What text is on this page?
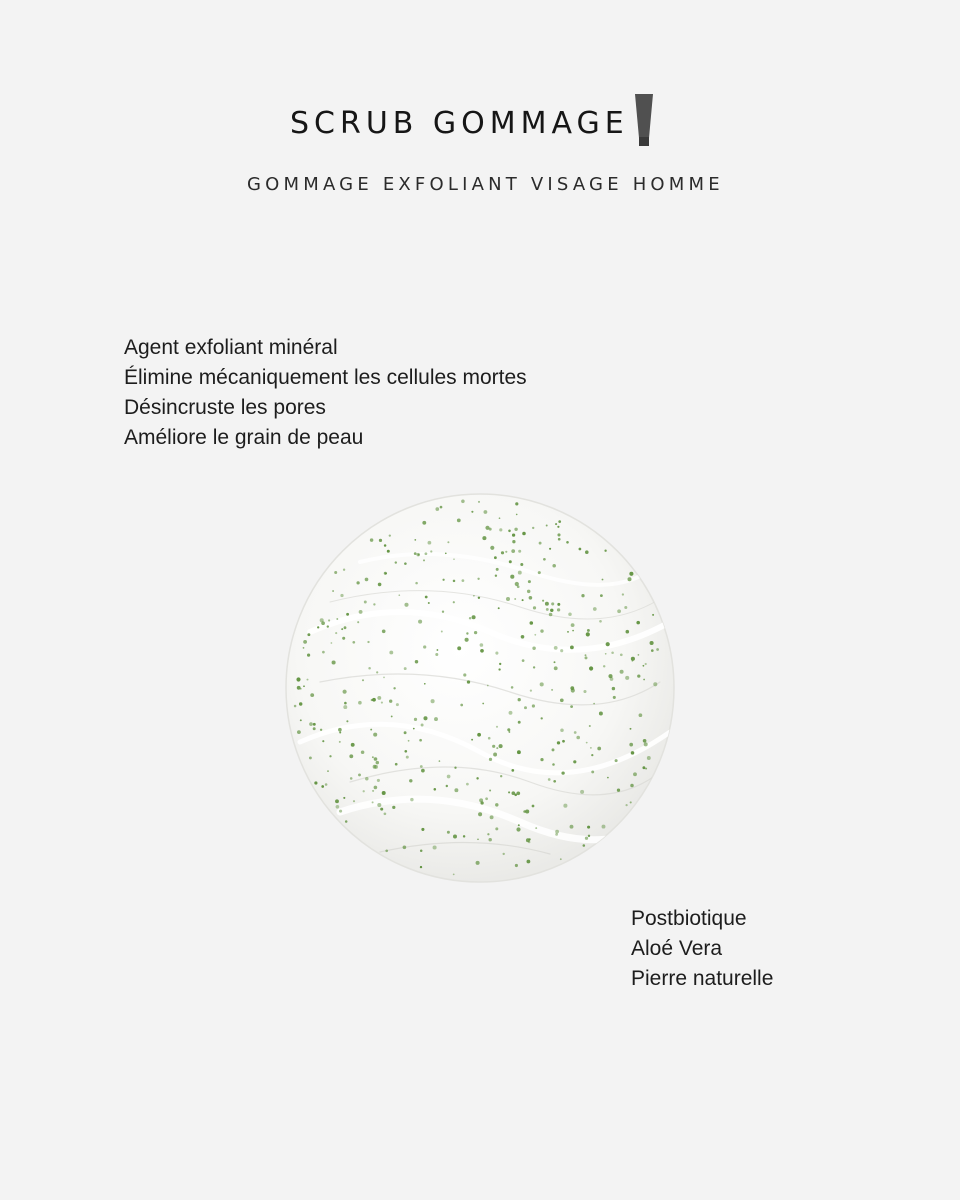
SCRUB GOMMAGE
GOMMAGE EXFOLIANT VISAGE HOMME
Agent exfoliant minéral
Élimine mécaniquement les cellules mortes
Désincruste les pores
Améliore le grain de peau
Postbiotique
Aloé Vera
Pierre naturelle
